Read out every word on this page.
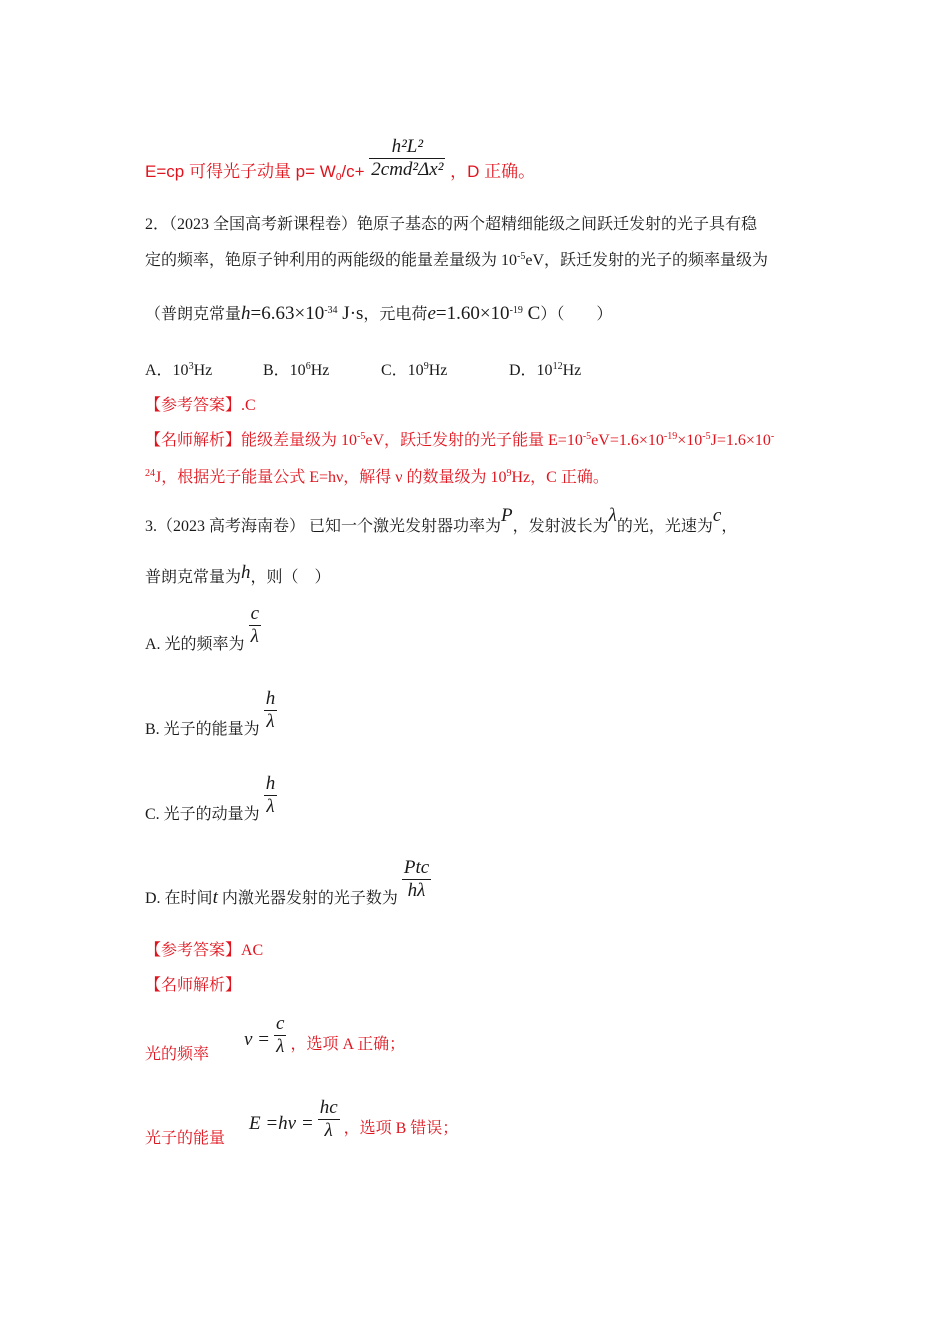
E=cp 可得光子动量 $p= W_0/c+ \frac{\text{h²L²}}{\text{2cmd²Δx²}}$ ，D 正确。
2．（2023 全国高考新课程卷）铯原子基态的两个超精细能级之间跃迁发射的光子具有稳
定的频率，铯原子钟利用的两能级的能量差量级为 $10^{-5}eV$，跃迁发射的光子的频率量级为
（普朗克常量$h=6.63\times 10^{-34}$ J·s，元电荷$e=1.60\times 10^{-19}$ C）（　　）
A．$10^3Hz$	B．$10^6Hz$	C．$10^9Hz$	D．$10^{12}Hz$
【参考答案】.C
【名师解析】能级差量级为 $10^{-5}eV$，跃迁发射的光子能量 $E=10^{-5}eV=1.6\times 10^{-19}\times 10^{-5}J=1.6\times 10^-$
$^{24}$J，根据光子能量公式 E=hν，解得 ν 的数量级为 $10^9Hz$，C 正确。
3.（2023 高考海南卷） 已知一个激光发射器功率为P，发射波长为λ的光，光速为c，
普朗克常量为h，则（　）
A. 光的频率为 $\frac{c}{\lambda}$
B. 光子的能量为 $\frac{h}{\lambda}$
C. 光子的动量为 $\frac{h}{\lambda}$
D. 在时间t 内激光器发射的光子数为 $\frac{\text{Ptc}}{h\lambda}$
【参考答案】AC
【名师解析】
光的频率 $\nu = \frac{c}{\lambda}$ ，选项 A 正确；
光子的能量 $E =h\nu = \frac{hc}{\lambda}$ ，选项 B 错误；
